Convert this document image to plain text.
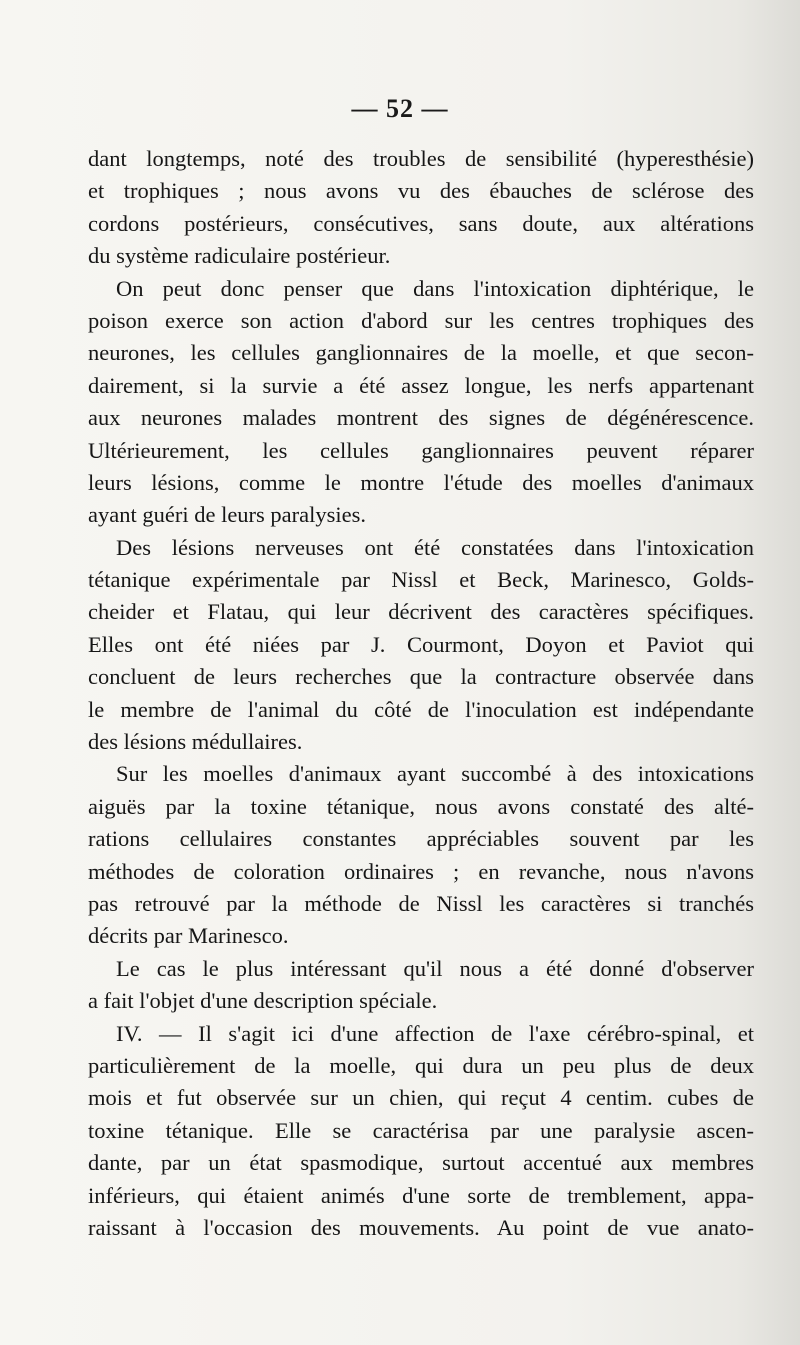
— 52 —
dant longtemps, noté des troubles de sensibilité (hyperesthésie)
et trophiques ; nous avons vu des ébauches de sclérose des
cordons postérieurs, consécutives, sans doute, aux altérations
du système radiculaire postérieur.
On peut donc penser que dans l'intoxication diphtérique, le
poison exerce son action d'abord sur les centres trophiques des
neurones, les cellules ganglionnaires de la moelle, et que secon-
dairement, si la survie a été assez longue, les nerfs appartenant
aux neurones malades montrent des signes de dégénérescence.
Ultérieurement, les cellules ganglionnaires peuvent réparer
leurs lésions, comme le montre l'étude des moelles d'animaux
ayant guéri de leurs paralysies.
Des lésions nerveuses ont été constatées dans l'intoxication
tétanique expérimentale par Nissl et Beck, Marinesco, Golds-
cheider et Flatau, qui leur décrivent des caractères spécifiques.
Elles ont été niées par J. Courmont, Doyon et Paviot qui
concluent de leurs recherches que la contracture observée dans
le membre de l'animal du côté de l'inoculation est indépendante
des lésions médullaires.
Sur les moelles d'animaux ayant succombé à des intoxications
aiguës par la toxine tétanique, nous avons constaté des alté-
rations cellulaires constantes appréciables souvent par les
méthodes de coloration ordinaires ; en revanche, nous n'avons
pas retrouvé par la méthode de Nissl les caractères si tranchés
décrits par Marinesco.
Le cas le plus intéressant qu'il nous a été donné d'observer
a fait l'objet d'une description spéciale.
IV. — Il s'agit ici d'une affection de l'axe cérébro-spinal, et
particulièrement de la moelle, qui dura un peu plus de deux
mois et fut observée sur un chien, qui reçut 4 centim. cubes de
toxine tétanique. Elle se caractérisa par une paralysie ascen-
dante, par un état spasmodique, surtout accentué aux membres
inférieurs, qui étaient animés d'une sorte de tremblement, appa-
raissant à l'occasion des mouvements. Au point de vue anato-
